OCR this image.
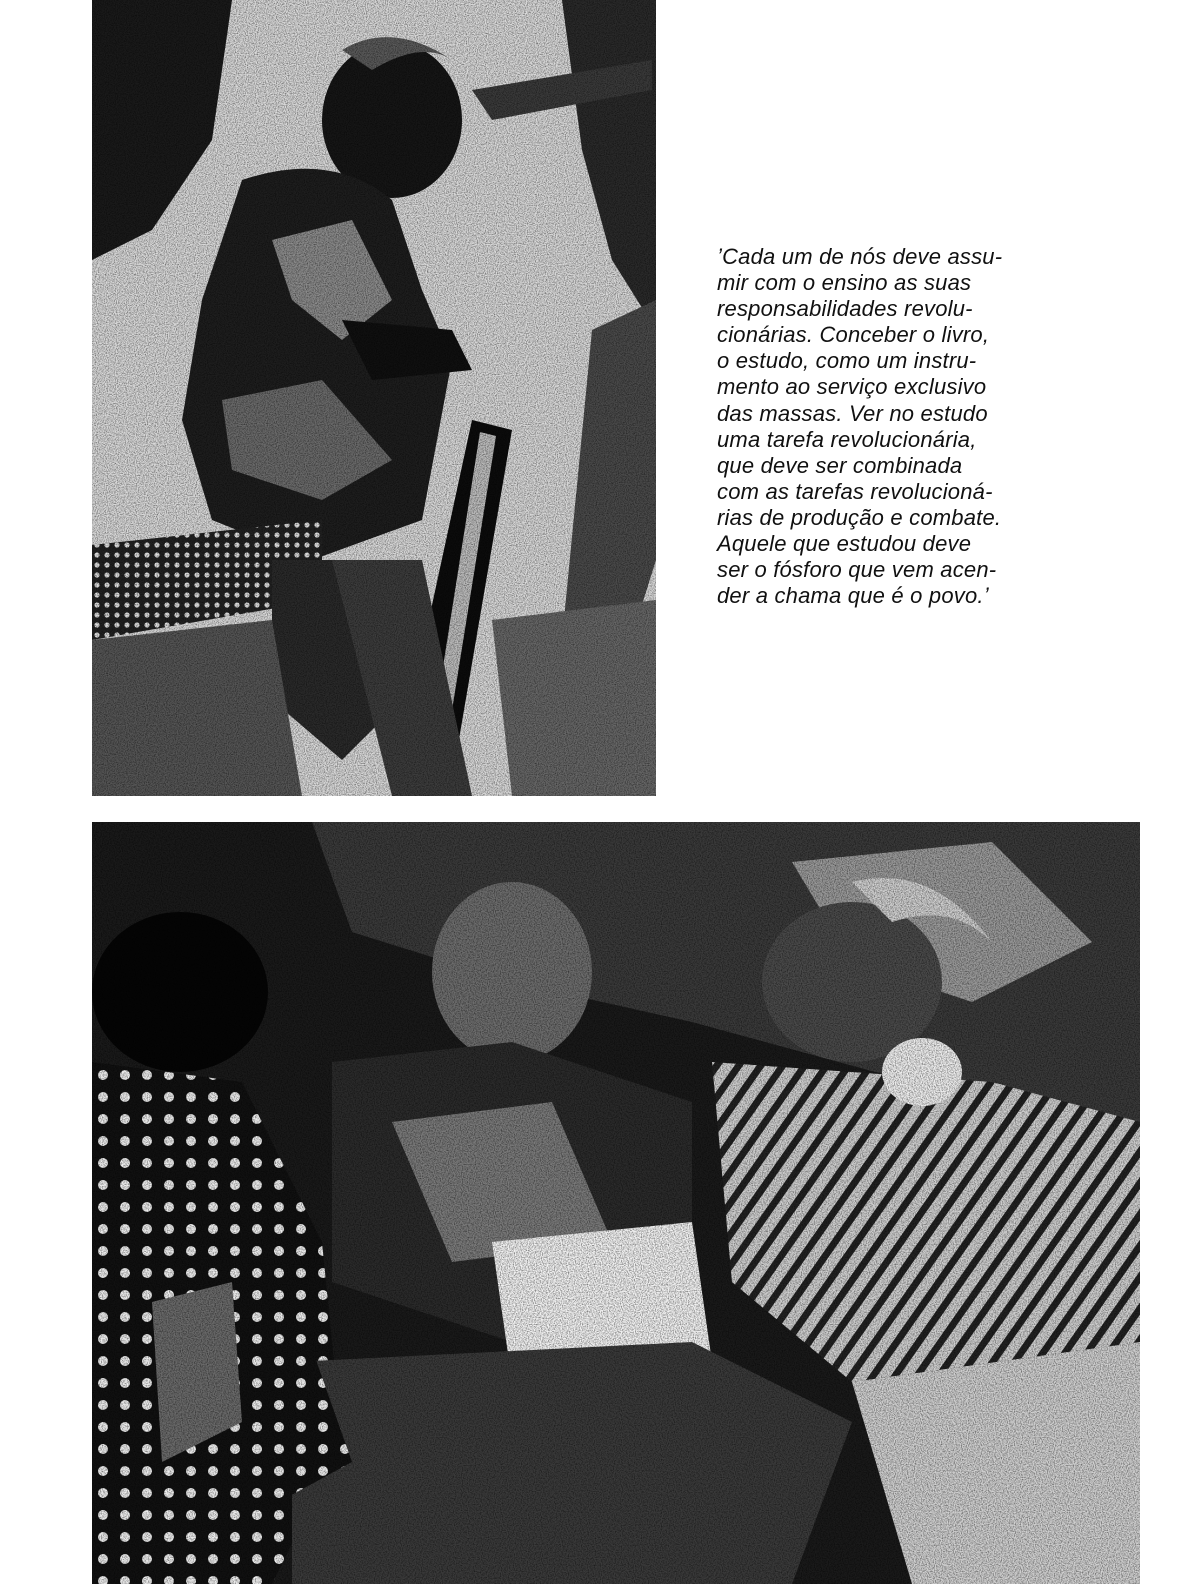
’Cada um de nós deve assu-
mir com o ensino as suas
responsabilidades revolu-
cionárias. Conceber o livro,
o estudo, como um instru-
mento ao serviço exclusivo
das massas. Ver no estudo
uma tarefa revolucionária,
que deve ser combinada
com as tarefas revolucioná-
rias de produção e combate.
Aquele que estudou deve
ser o fósforo que vem acen-
der a chama que é o povo.’
